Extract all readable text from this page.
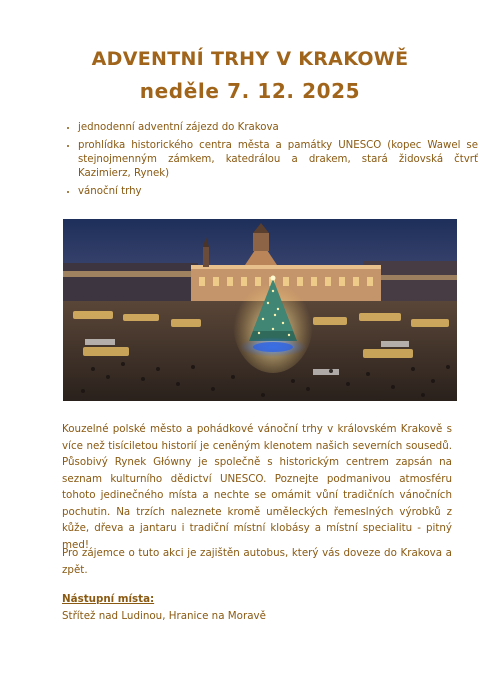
ADVENTNÍ TRHY V KRAKOWĚ
neděle 7. 12. 2025
• jednodenní adventní zájezd do Krakova
• prohlídka historického centra města a památky UNESCO (kopec Wawel se stejnojmenným zámkem, katedrálou a drakem, stará židovská čtvrť Kazimierz, Rynek)
• vánoční trhy

Kouzelné polské město a pohádkové vánoční trhy v královském Krakově s více než tisíciletou historií je ceněným klenotem našich severních sousedů. Působivý Rynek Główny je společně s historickým centrem zapsán na seznam kulturního dědictví UNESCO. Poznejte podmanivou atmosféru tohoto jedinečného místa a nechte se omámit vůní tradičních vánočních pochutin. Na trzích naleznete kromě uměleckých řemeslných výrobků z kůže, dřeva a jantaru i tradiční místní klobásy a místní specialitu - pitný med!

Pro zájemce o tuto akci je zajištěn autobus, který vás doveze do Krakova a zpět.

Nástupní místa:
Střítež nad Ludinou, Hranice na Moravě
